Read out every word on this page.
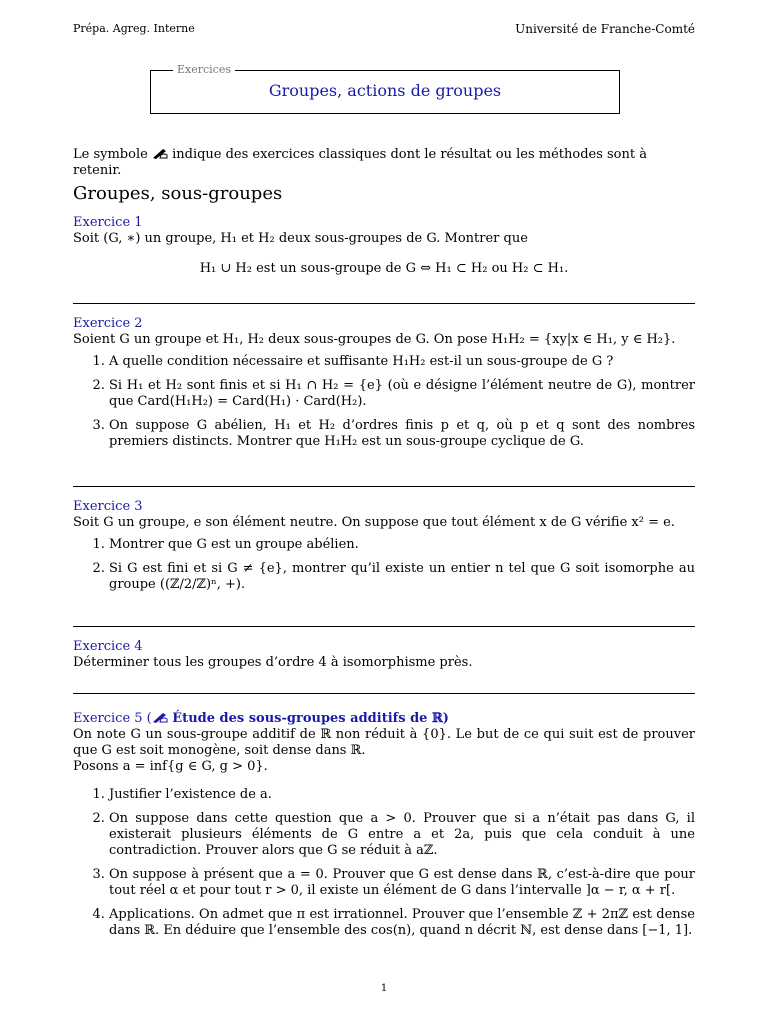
Prépa. Agreg. Interne	Université de Franche-Comté
Exercices
Groupes, actions de groupes
Le symbole  indique des exercices classiques dont le résultat ou les méthodes sont à retenir.
Groupes, sous-groupes
Exercice 1
Soit (G, ∗) un groupe, H₁ et H₂ deux sous-groupes de G. Montrer que
H₁ ∪ H₂ est un sous-groupe de G ⇔ H₁ ⊂ H₂ ou H₂ ⊂ H₁.
Exercice 2
Soient G un groupe et H₁, H₂ deux sous-groupes de G. On pose H₁H₂ = {xy|x ∈ H₁, y ∈ H₂}.
1. A quelle condition nécessaire et suffisante H₁H₂ est-il un sous-groupe de G ?
2. Si H₁ et H₂ sont finis et si H₁ ∩ H₂ = {e} (où e désigne l’élément neutre de G), montrer que Card(H₁H₂) = Card(H₁) · Card(H₂).
3. On suppose G abélien, H₁ et H₂ d’ordres finis p et q, où p et q sont des nombres premiers distincts. Montrer que H₁H₂ est un sous-groupe cyclique de G.
Exercice 3
Soit G un groupe, e son élément neutre. On suppose que tout élément x de G vérifie x² = e.
1. Montrer que G est un groupe abélien.
2. Si G est fini et si G ≠ {e}, montrer qu’il existe un entier n tel que G soit isomorphe au groupe ((ℤ/2/ℤ)ⁿ, +).
Exercice 4
Déterminer tous les groupes d’ordre 4 à isomorphisme près.
Exercice 5 ( Étude des sous-groupes additifs de ℝ)
On note G un sous-groupe additif de ℝ non réduit à {0}. Le but de ce qui suit est de prouver que G est soit monogène, soit dense dans ℝ.
Posons a = inf{g ∈ G, g > 0}.
1. Justifier l’existence de a.
2. On suppose dans cette question que a > 0. Prouver que si a n’était pas dans G, il existerait plusieurs éléments de G entre a et 2a, puis que cela conduit à une contradiction. Prouver alors que G se réduit à aℤ.
3. On suppose à présent que a = 0. Prouver que G est dense dans ℝ, c’est-à-dire que pour tout réel α et pour tout r > 0, il existe un élément de G dans l’intervalle ]α − r, α + r[.
4. Applications. On admet que π est irrationnel. Prouver que l’ensemble ℤ + 2πℤ est dense dans ℝ. En déduire que l’ensemble des cos(n), quand n décrit ℕ, est dense dans [−1, 1].
1
